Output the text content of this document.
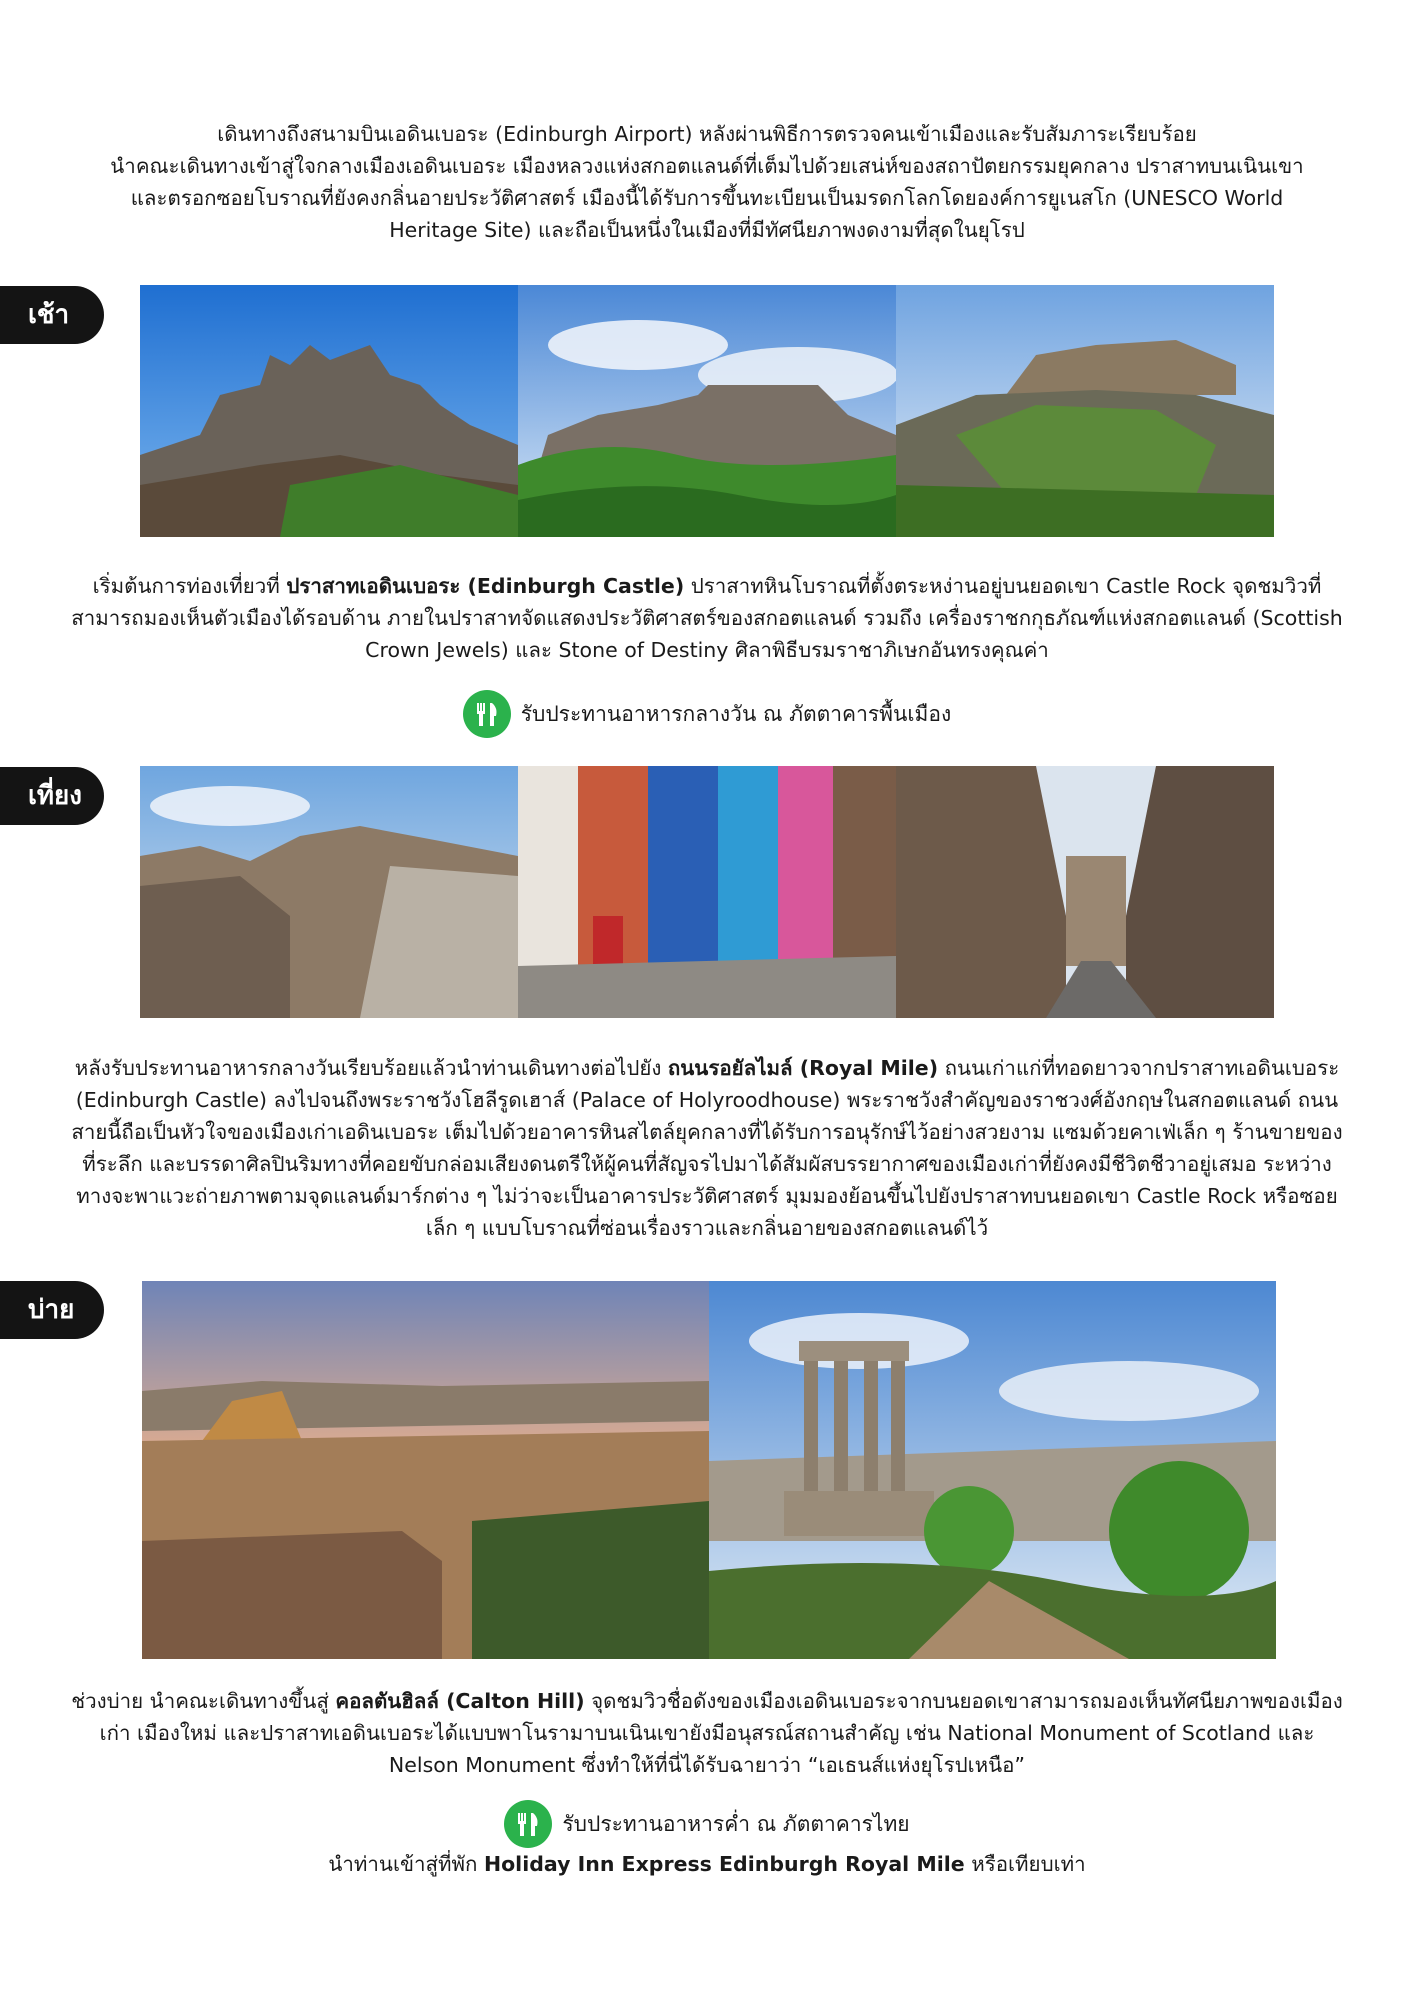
เดินทางถึงสนามบินเอดินเบอระ (Edinburgh Airport) หลังผ่านพิธีการตรวจคนเข้าเมืองและรับสัมภาระเรียบร้อย
นำคณะเดินทางเข้าสู่ใจกลางเมืองเอดินเบอระ เมืองหลวงแห่งสกอตแลนด์ที่เต็มไปด้วยเสน่ห์ของสถาปัตยกรรมยุคกลาง ปราสาทบนเนินเขา
และตรอกซอยโบราณที่ยังคงกลิ่นอายประวัติศาสตร์ เมืองนี้ได้รับการขึ้นทะเบียนเป็นมรดกโลกโดยองค์การยูเนสโก (UNESCO World
Heritage Site) และถือเป็นหนึ่งในเมืองที่มีทัศนียภาพงดงามที่สุดในยุโรป
เช้า

เริ่มต้นการท่องเที่ยวที่ ปราสาทเอดินเบอระ (Edinburgh Castle) ปราสาทหินโบราณที่ตั้งตระหง่านอยู่บนยอดเขา Castle Rock จุดชมวิวที่สามารถมองเห็นตัวเมืองได้รอบด้าน ภายในปราสาทจัดแสดงประวัติศาสตร์ของสกอตแลนด์ รวมถึง เครื่องราชกกุธภัณฑ์แห่งสกอตแลนด์ (Scottish Crown Jewels) และ Stone of Destiny ศิลาพิธีบรมราชาภิเษกอันทรงคุณค่า

รับประทานอาหารกลางวัน ณ ภัตตาคารพื้นเมือง
เที่ยง

หลังรับประทานอาหารกลางวันเรียบร้อยแล้วนำท่านเดินทางต่อไปยัง ถนนรอยัลไมล์ (Royal Mile) ถนนเก่าแก่ที่ทอดยาวจากปราสาทเอดินเบอระ (Edinburgh Castle) ลงไปจนถึงพระราชวังโฮลีรูดเฮาส์ (Palace of Holyroodhouse) พระราชวังสำคัญของราชวงศ์อังกฤษในสกอตแลนด์ ถนนสายนี้ถือเป็นหัวใจของเมืองเก่าเอดินเบอระ เต็มไปด้วยอาคารหินสไตล์ยุคกลางที่ได้รับการอนุรักษ์ไว้อย่างสวยงาม แซมด้วยคาเฟ่เล็ก ๆ ร้านขายของที่ระลึก และบรรดาศิลปินริมทางที่คอยขับกล่อมเสียงดนตรีให้ผู้คนที่สัญจรไปมาได้สัมผัสบรรยากาศของเมืองเก่าที่ยังคงมีชีวิตชีวาอยู่เสมอ ระหว่างทางจะพาแวะถ่ายภาพตามจุดแลนด์มาร์กต่าง ๆ ไม่ว่าจะเป็นอาคารประวัติศาสตร์ มุมมองย้อนขึ้นไปยังปราสาทบนยอดเขา Castle Rock หรือซอยเล็ก ๆ แบบโบราณที่ซ่อนเรื่องราวและกลิ่นอายของสกอตแลนด์ไว้

บ่าย

ช่วงบ่าย นำคณะเดินทางขึ้นสู่ คอลตันฮิลล์ (Calton Hill) จุดชมวิวชื่อดังของเมืองเอดินเบอระจากบนยอดเขาสามารถมองเห็นทัศนียภาพของเมืองเก่า เมืองใหม่ และปราสาทเอดินเบอระได้แบบพาโนรามาบนเนินเขายังมีอนุสรณ์สถานสำคัญ เช่น National Monument of Scotland และ Nelson Monument ซึ่งทำให้ที่นี่ได้รับฉายาว่า “เอเธนส์แห่งยุโรปเหนือ”

รับประทานอาหารค่ำ ณ ภัตตาคารไทย

นำท่านเข้าสู่ที่พัก Holiday Inn Express Edinburgh Royal Mile หรือเทียบเท่า
